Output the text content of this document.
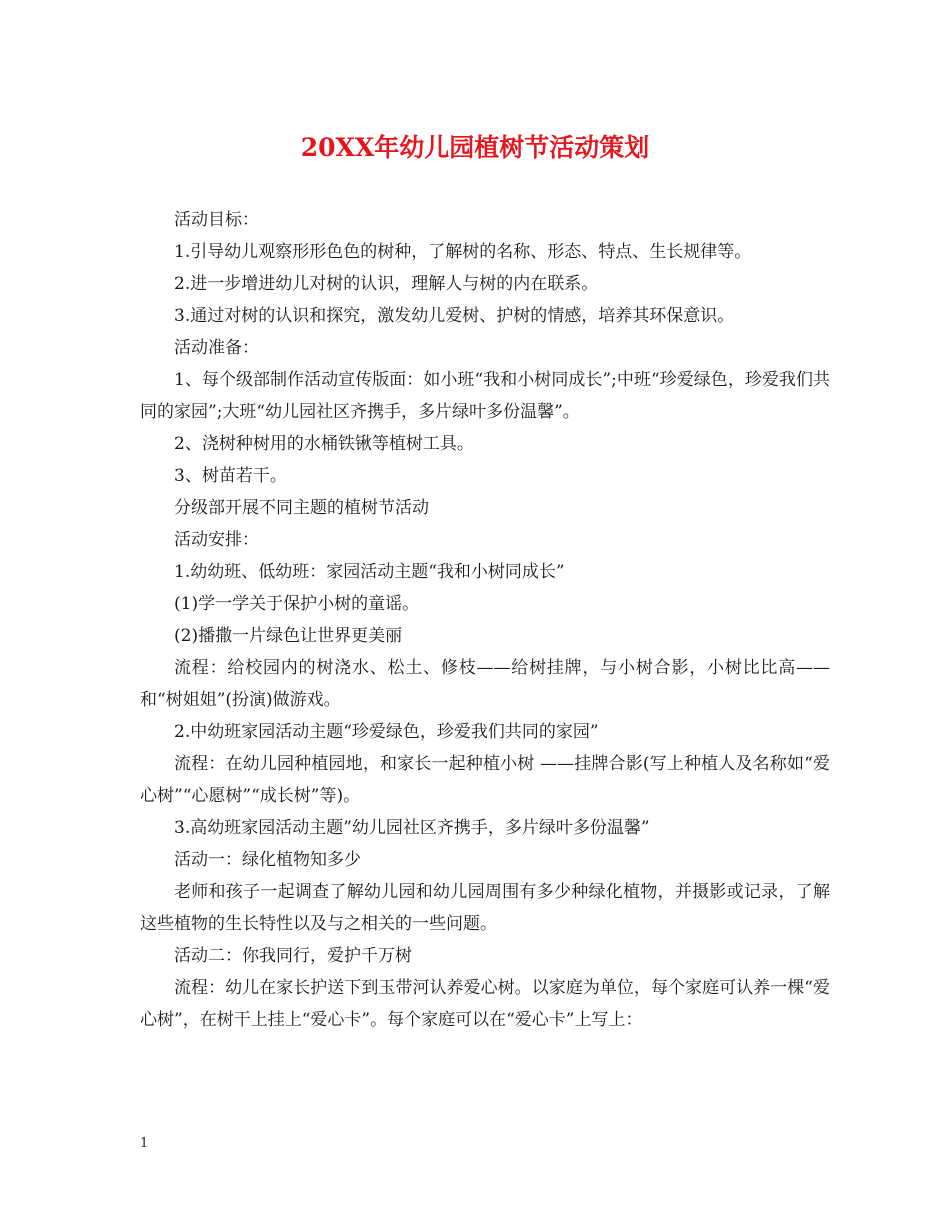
20XX年幼儿园植树节活动策划

活动目标：

1.引导幼儿观察形形色色的树种，了解树的名称、形态、特点、生长规律等。

2.进一步增进幼儿对树的认识，理解人与树的内在联系。

3.通过对树的认识和探究，激发幼儿爱树、护树的情感，培养其环保意识。

活动准备：

1、每个级部制作活动宣传版面：如小班“我和小树同成长”;中班“珍爱绿色，珍爱我们共同的家园”;大班“幼儿园社区齐携手，多片绿叶多份温馨”。

2、浇树种树用的水桶铁锹等植树工具。

3、树苗若干。

分级部开展不同主题的植树节活动

活动安排：

1.幼幼班、低幼班：家园活动主题“我和小树同成长”

(1)学一学关于保护小树的童谣。

(2)播撒一片绿色让世界更美丽

流程：给校园内的树浇水、松土、修枝——给树挂牌，与小树合影，小树比比高——和“树姐姐”(扮演)做游戏。

2.中幼班家园活动主题“珍爱绿色，珍爱我们共同的家园”

流程：在幼儿园种植园地，和家长一起种植小树 ——挂牌合影(写上种植人及名称如“爱心树”“心愿树”“成长树”等)。

3.高幼班家园活动主题”幼儿园社区齐携手，多片绿叶多份温馨”

活动一：绿化植物知多少

老师和孩子一起调查了解幼儿园和幼儿园周围有多少种绿化植物，并摄影或记录，了解这些植物的生长特性以及与之相关的一些问题。

活动二：你我同行，爱护千万树

流程：幼儿在家长护送下到玉带河认养爱心树。以家庭为单位，每个家庭可认养一棵“爱心树”，在树干上挂上“爱心卡”。每个家庭可以在“爱心卡”上写上：

1
